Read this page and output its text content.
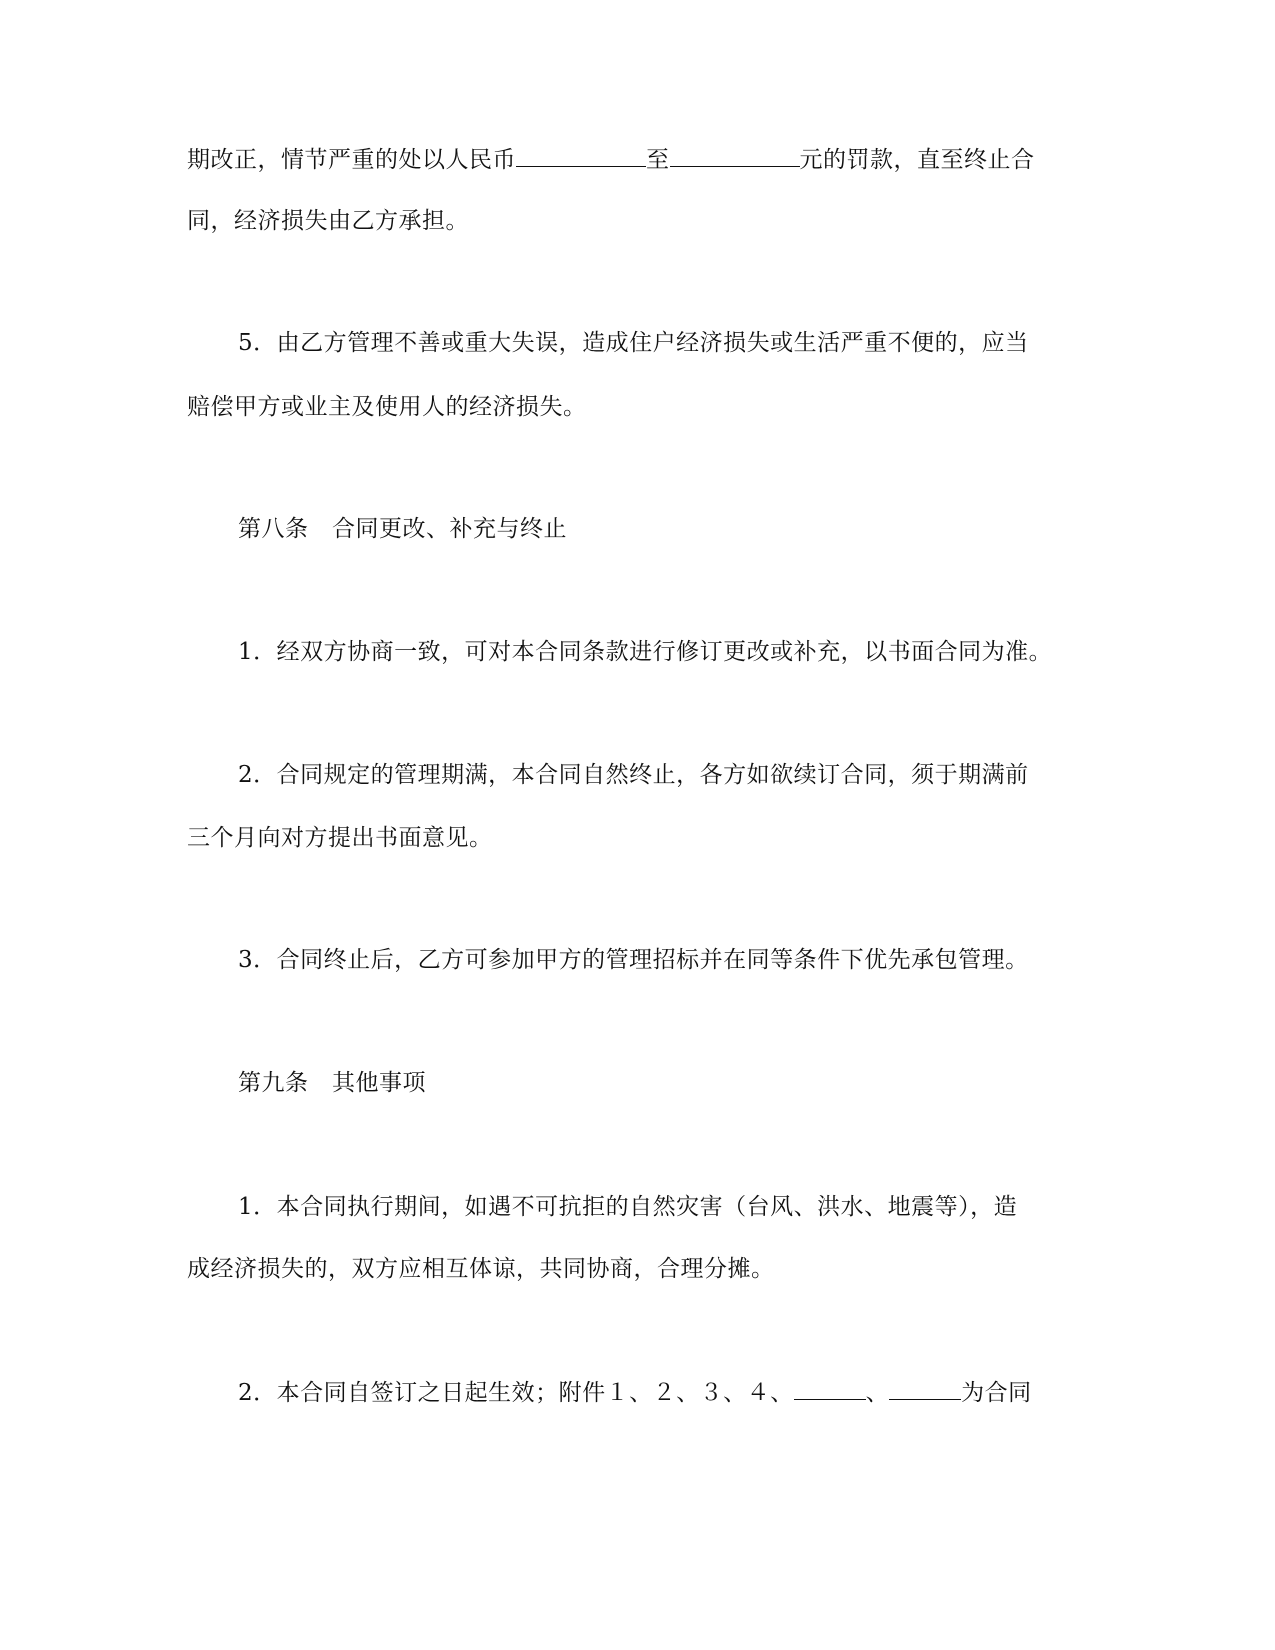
期改正，情节严重的处以人民币	至	元的罚款，直至终止合
同，经济损失由乙方承担。
5．由乙方管理不善或重大失误，造成住户经济损失或生活严重不便的，应当
赔偿甲方或业主及使用人的经济损失。
第八条　合同更改、补充与终止
1．经双方协商一致，可对本合同条款进行修订更改或补充，以书面合同为准。
2．合同规定的管理期满，本合同自然终止，各方如欲续订合同，须于期满前
三个月向对方提出书面意见。
3．合同终止后，乙方可参加甲方的管理招标并在同等条件下优先承包管理。
第九条　其他事项
1．本合同执行期间，如遇不可抗拒的自然灾害（台风、洪水、地震等），造
成经济损失的，双方应相互体谅，共同协商，合理分摊。
2．本合同自签订之日起生效；附件１、２、３、４、	、	为合同
